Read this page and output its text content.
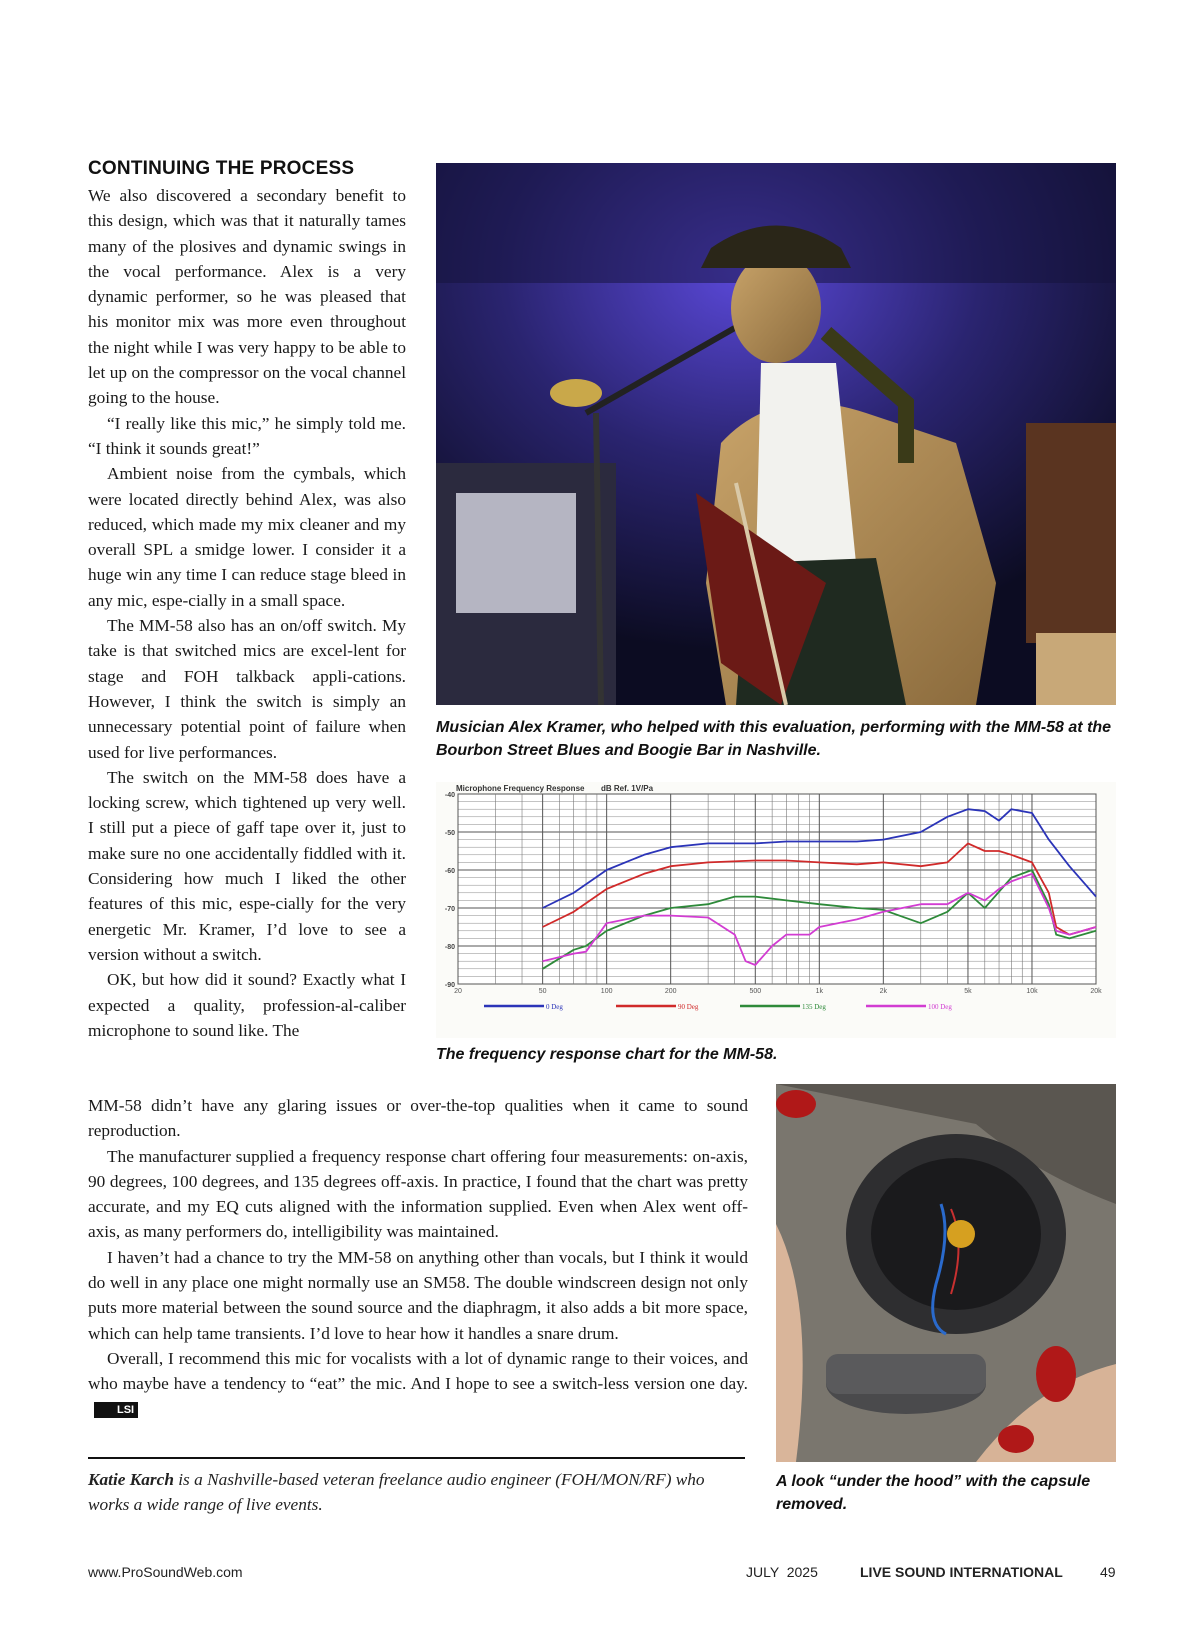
CONTINUING THE PROCESS

We also discovered a secondary benefit to this design, which was that it naturally tames many of the plosives and dynamic swings in the vocal performance. Alex is a very dynamic performer, so he was pleased that his monitor mix was more even throughout the night while I was very happy to be able to let up on the compressor on the vocal channel going to the house.

“I really like this mic,” he simply told me. “I think it sounds great!”

Ambient noise from the cymbals, which were located directly behind Alex, was also reduced, which made my mix cleaner and my overall SPL a smidge lower. I consider it a huge win any time I can reduce stage bleed in any mic, espe-cially in a small space.

The MM-58 also has an on/off switch. My take is that switched mics are excel-lent for stage and FOH talkback appli-cations. However, I think the switch is simply an unnecessary potential point of failure when used for live performances.

The switch on the MM-58 does have a locking screw, which tightened up very well. I still put a piece of gaff tape over it, just to make sure no one accidentally fiddled with it. Considering how much I liked the other features of this mic, espe-cially for the very energetic Mr. Kramer, I’d love to see a version without a switch.

OK, but how did it sound? Exactly what I expected a quality, profession-al-caliber microphone to sound like. The

MM-58 didn’t have any glaring issues or over-the-top qualities when it came to sound reproduction.

The manufacturer supplied a frequency response chart offering four measurements: on-axis, 90 degrees, 100 degrees, and 135 degrees off-axis. In practice, I found that the chart was pretty accurate, and my EQ cuts aligned with the information supplied. Even when Alex went off-axis, as many performers do, intelligibility was maintained.

I haven’t had a chance to try the MM-58 on anything other than vocals, but I think it would do well in any place one might normally use an SM58. The double windscreen design not only puts more material between the sound source and the diaphragm, it also adds a bit more space, which can help tame transients. I’d love to hear how it handles a snare drum.

Overall, I recommend this mic for vocalists with a lot of dynamic range to their voices, and who maybe have a tendency to “eat” the mic. And I hope to see a switch-less version one day.LSI

Musician Alex Kramer, who helped with this evaluation, performing with the MM-58 at the Bourbon Street Blues and Boogie Bar in Nashville.
Microphone Frequency Response dB Ref. 1V/Pa
-40
-50
-60
-70
-80
-90
20	50	100	200	500	1k	2k	5k	10k	20k
0 Deg	90 Deg	135 Deg	100 Deg
The frequency response chart for the MM-58.
A look “under the hood” with the capsule removed.
Katie Karch is a Nashville-based veteran freelance audio engineer (FOH/MON/RF) who works a wide range of live events.
www.ProSoundWeb.com	JULY  2025	LIVE SOUND INTERNATIONAL	49
